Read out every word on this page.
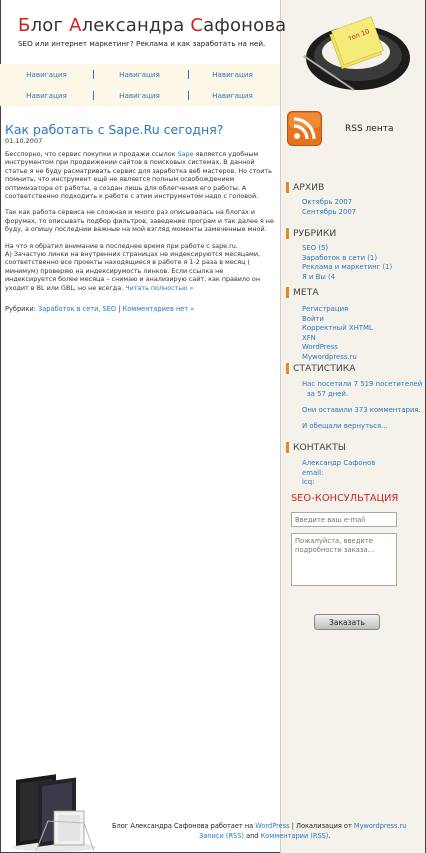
Блог Александра Сафонова
SEO или интернет маркетинг? Реклама и как заработать на ней.
топ 10
Навигация	Навигация	Навигация
Навигация	Навигация	Навигация
Как работать с Sape.Ru сегодня?
01.10.2007

Бесспорно, что сервис покупки и продажи ссылок Sape является удобным инструментом при продвижении сайтов в поисковых системах. В данной статье я не буду расматривать сервис для заработка веб мастеров. Но стоить помнить, что инструмент ещё не является полным освобождением оптимизатора от работы, а создан лишь для облегчения его работы. А соответственно подходить к работе с этим инструментом надо с головой.

Так как работа сервиса не сложная и много раз описывалась на блогах и форумах, то описывать подбор фильтров, заведение програм и так далее я не буду, а опишу последнии важные на мой взгляд моменты замеченные мной.

На что я обратил внимание в последнее время при работе с sape.ru.
А) Зачастую линки на внутренних страницах не индексируются месяцами, соответственно все проекты находящиеся в работе я 1-2 раза в месяц ( минимум) проверяю на индексирумость линков. Если ссылка не индексируется более месяца – снимаю и анализирую сайт, как правило он уходит в BL или GBL, но не всегда. Читать полностью »

Рубрики: Заработок в сети, SEO | Комментариев нет »
RSS лента
АРХИВ
Октябрь 2007
Сентябрь 2007
РУБРИКИ
SEO (5)
Заработок в сети (1)
Реклама и маркетинг (1)
Я и Вы (4
МЕТА
Регистрация
Войти
Корректный XHTML
XFN
WordPress
Mywordpress.ru
СТАТИСТИКА

Нас посетили 7 519 посетителей

за 57 дней.

Они оставили 373 комментария.

И обещали вернуться...

КОНТАКТЫ
Александр Сафонов
email:
icq:
SEO-КОНСУЛЬТАЦИЯ
Введите ваш e-mail
Пожалуйста, введите подробности заказа...
Заказать
Блог Александра Сафонова работает на WordPress | Локализация от Mywordpress.ru
Записи (RSS) and Комментарии (RSS).
